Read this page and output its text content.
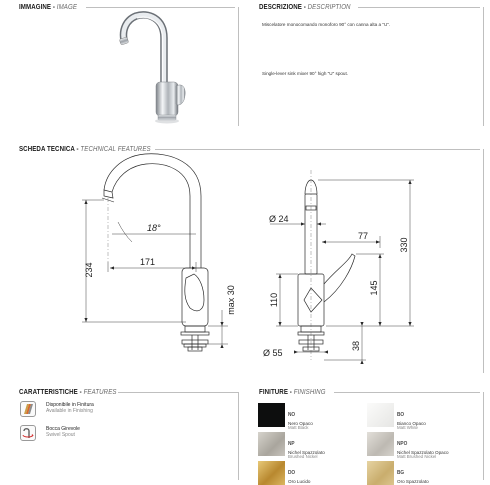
IMMAGINE - IMAGE	DESCRIZIONE - DESCRIPTION
SCHEDA TECNICA - TECHNICAL FEATURES
CARATTERISTICHE - FEATURES	FINITURE - FINISHING
Miscelatore monocomando monoforo 90° con canna alta a "U".
Single-lever sink mixer 90° high "U" spout.
18°
171
234
max 30
Ø 24
77
330
145
110
Ø 55
38
Disponibile in Finitura
Available in Finishing
Bocca Girevole
Swivel Spout
NO
Nero Opaco
Matt Black
BO
Bianco Opaco
Matt White
NP
Nichel Spazzolato
Brushed Nickel
NPO
Nichel Spazzolato Opaco
Matt Brushed Nickel
DO
Oro Lucido
BG
Oro Spazzolato
